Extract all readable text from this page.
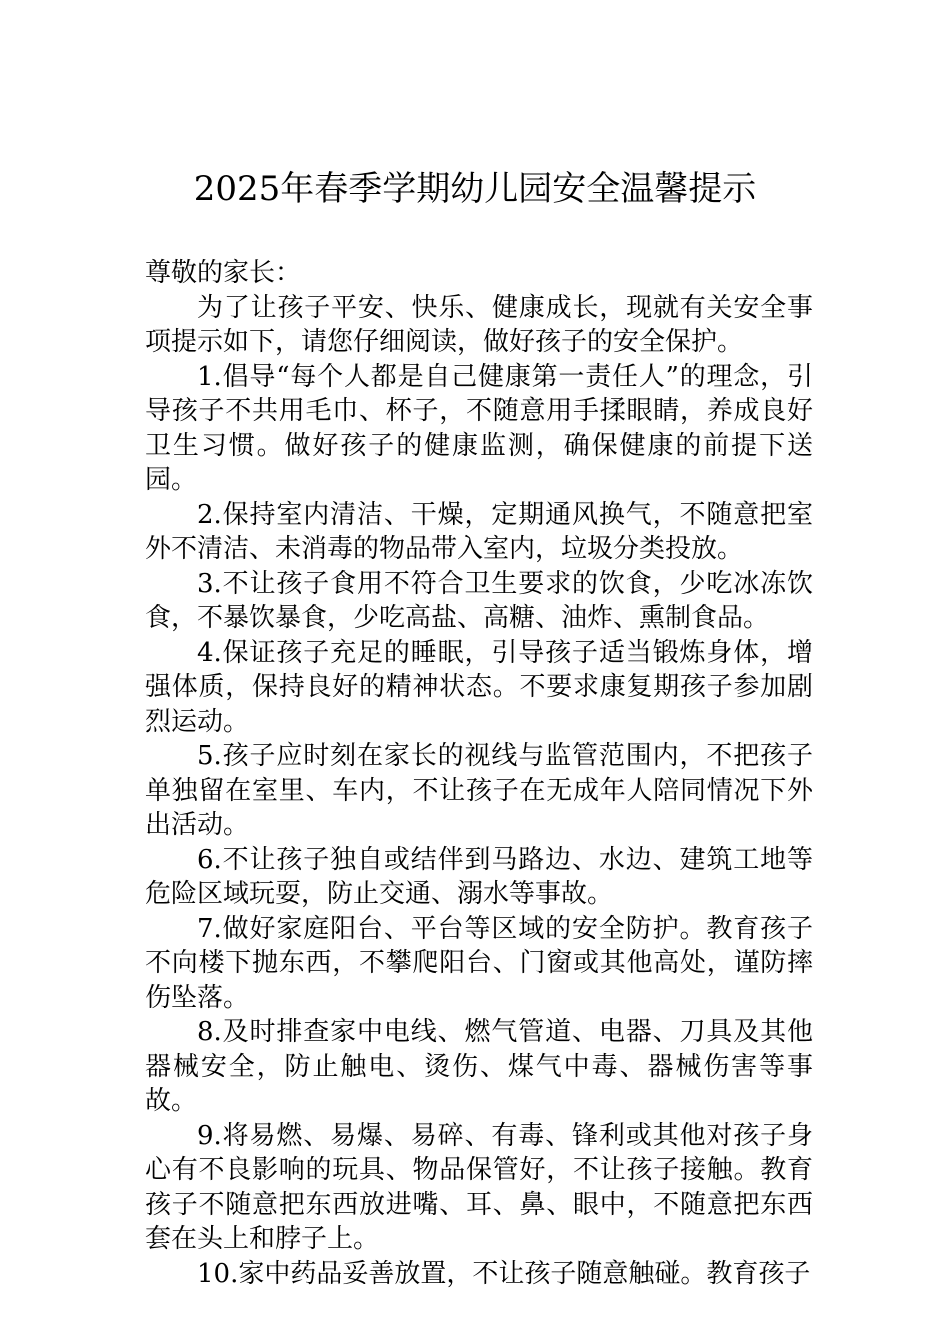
2025年春季学期幼儿园安全温馨提示

尊敬的家长：

为了让孩子平安、快乐、健康成长，现就有关安全事项提示如下，请您仔细阅读，做好孩子的安全保护。

1.倡导“每个人都是自己健康第一责任人”的理念，引导孩子不共用毛巾、杯子，不随意用手揉眼睛，养成良好卫生习惯。做好孩子的健康监测，确保健康的前提下送园。

2.保持室内清洁、干燥，定期通风换气，不随意把室外不清洁、未消毒的物品带入室内，垃圾分类投放。

3.不让孩子食用不符合卫生要求的饮食，少吃冰冻饮食，不暴饮暴食，少吃高盐、高糖、油炸、熏制食品。

4.保证孩子充足的睡眠，引导孩子适当锻炼身体，增强体质，保持良好的精神状态。不要求康复期孩子参加剧烈运动。

5.孩子应时刻在家长的视线与监管范围内，不把孩子单独留在室里、车内，不让孩子在无成年人陪同情况下外出活动。

6.不让孩子独自或结伴到马路边、水边、建筑工地等危险区域玩耍，防止交通、溺水等事故。

7.做好家庭阳台、平台等区域的安全防护。教育孩子不向楼下抛东西，不攀爬阳台、门窗或其他高处，谨防摔伤坠落。

8.及时排查家中电线、燃气管道、电器、刀具及其他器械安全，防止触电、烫伤、煤气中毒、器械伤害等事故。

9.将易燃、易爆、易碎、有毒、锋利或其他对孩子身心有不良影响的玩具、物品保管好，不让孩子接触。教育孩子不随意把东西放进嘴、耳、鼻、眼中，不随意把东西套在头上和脖子上。

10.家中药品妥善放置，不让孩子随意触碰。教育孩子
